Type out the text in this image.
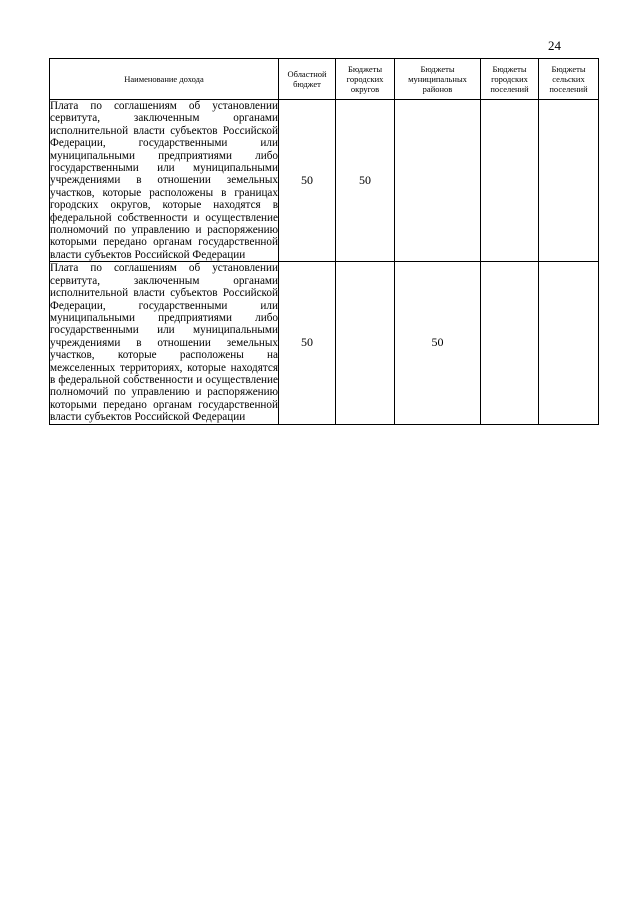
24
Наименование дохода	Областной бюджет	Бюджеты городских округов	Бюджеты муниципальных районов	Бюджеты городских поселений	Бюджеты сельских поселений
Плата по соглашениям об установлении сервитута, заключенным органами исполнительной власти субъектов Российской Федерации, государственными или муниципальными предприятиями либо государственными или муниципальными учреждениями в отношении земельных участков, которые расположены в границах городских округов, которые находятся в федеральной собственности и осуществление полномочий по управлению и распоряжению которыми передано органам государственной власти субъектов Российской Федерации	50	50			
Плата по соглашениям об установлении сервитута, заключенным органами исполнительной власти субъектов Российской Федерации, государственными или муниципальными предприятиями либо государственными или муниципальными учреждениями в отношении земельных участков, которые расположены на межселенных территориях, которые находятся в федеральной собственности и осуществление полномочий по управлению и распоряжению которыми передано органам государственной власти субъектов Российской Федерации	50		50		
